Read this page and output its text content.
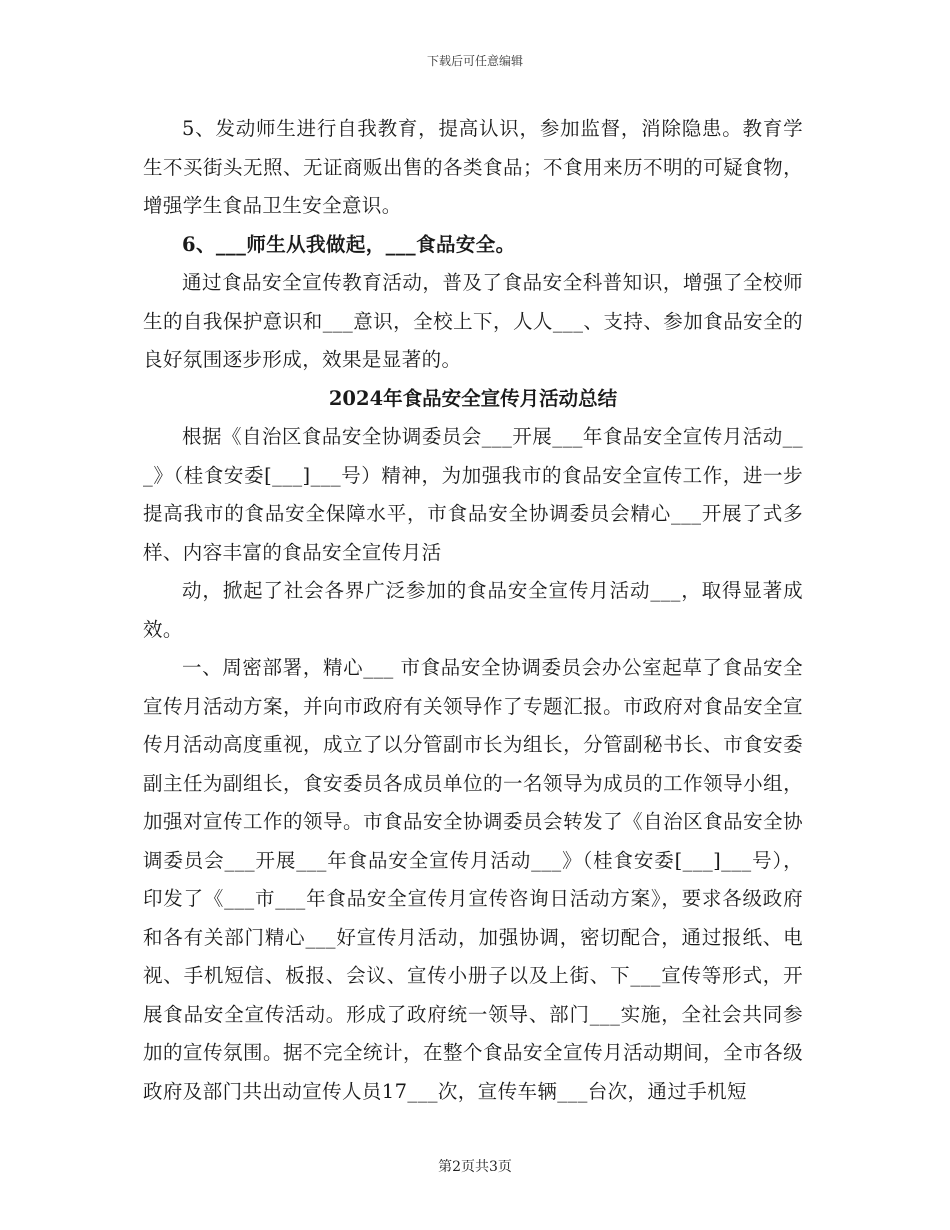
下载后可任意编辑

5、发动师生进行自我教育，提高认识，参加监督，消除隐患。教育学生不买街头无照、无证商贩出售的各类食品；不食用来历不明的可疑食物，增强学生食品卫生安全意识。

6、___师生从我做起，___食品安全。

通过食品安全宣传教育活动，普及了食品安全科普知识，增强了全校师生的自我保护意识和___意识，全校上下，人人___、支持、参加食品安全的良好氛围逐步形成，效果是显著的。

2024年食品安全宣传月活动总结

根据《自治区食品安全协调委员会___开展___年食品安全宣传月活动___》（桂食安委[___]___号）精神，为加强我市的食品安全宣传工作，进一步提高我市的食品安全保障水平，市食品安全协调委员会精心___开展了式多样、内容丰富的食品安全宣传月活

动，掀起了社会各界广泛参加的食品安全宣传月活动___，取得显著成效。

一、周密部署，精心___ 市食品安全协调委员会办公室起草了食品安全宣传月活动方案，并向市政府有关领导作了专题汇报。市政府对食品安全宣传月活动高度重视，成立了以分管副市长为组长，分管副秘书长、市食安委副主任为副组长，食安委员各成员单位的一名领导为成员的工作领导小组，加强对宣传工作的领导。市食品安全协调委员会转发了《自治区食品安全协调委员会___开展___年食品安全宣传月活动___》（桂食安委[___]___号），印发了《___市___年食品安全宣传月宣传咨询日活动方案》，要求各级政府和各有关部门精心___好宣传月活动，加强协调，密切配合，通过报纸、电视、手机短信、板报、会议、宣传小册子以及上街、下___宣传等形式，开展食品安全宣传活动。形成了政府统一领导、部门___实施，全社会共同参加的宣传氛围。据不完全统计，在整个食品安全宣传月活动期间，全市各级政府及部门共出动宣传人员17___次，宣传车辆___台次，通过手机短

第2页共3页
